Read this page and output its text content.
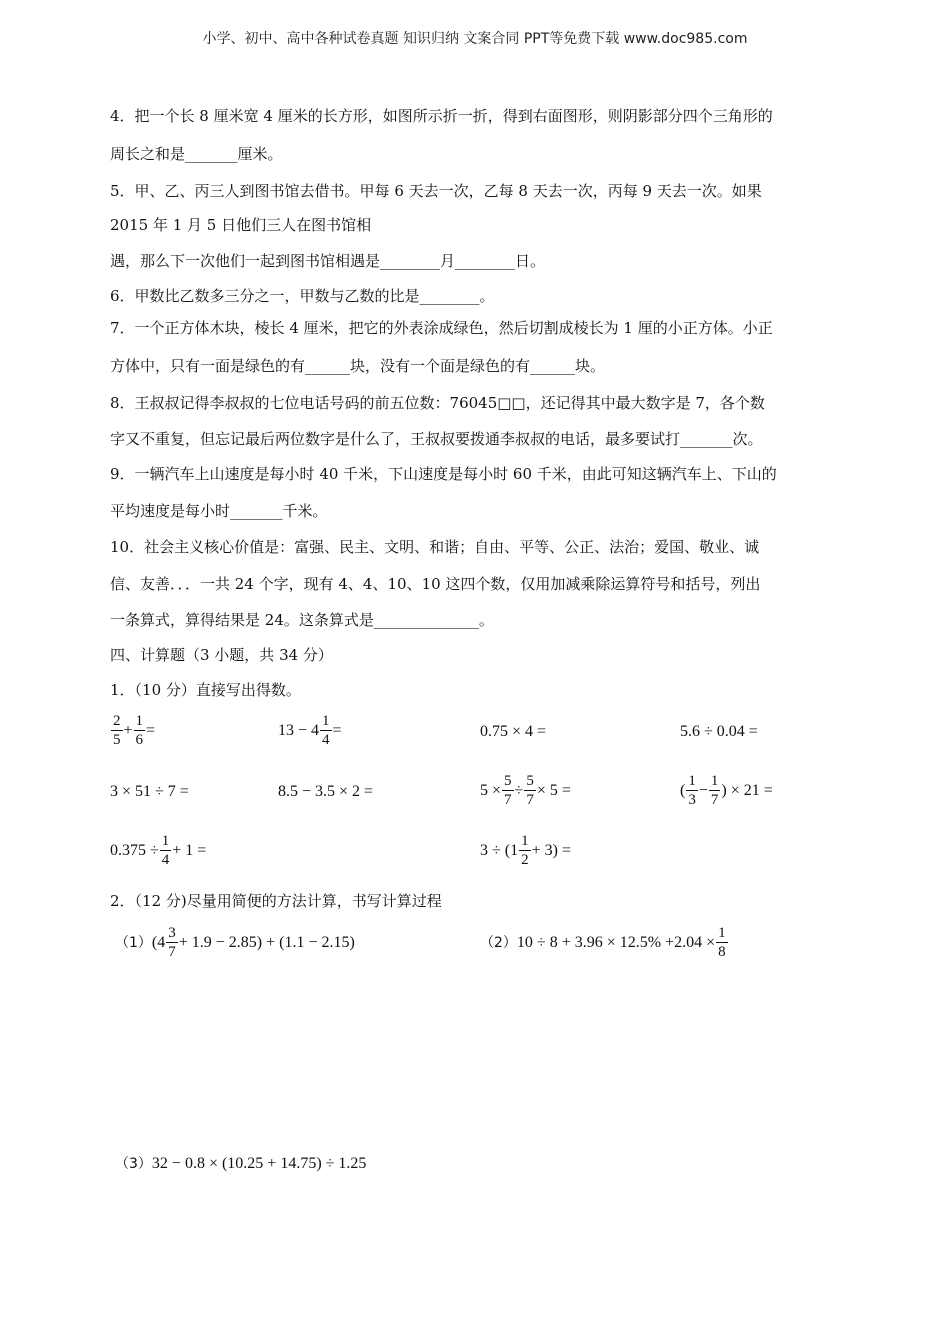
小学、初中、高中各种试卷真题 知识归纳 文案合同 PPT等免费下载 www.doc985.com
4．把一个长 8 厘米宽 4 厘米的长方形，如图所示折一折，得到右面图形，则阴影部分四个三角形的
周长之和是_______厘米。
5．甲、乙、丙三人到图书馆去借书。甲每 6 天去一次，乙每 8 天去一次，丙每 9 天去一次。如果
2015 年 1 月 5 日他们三人在图书馆相
遇，那么下一次他们一起到图书馆相遇是________月________日。
6．甲数比乙数多三分之一，甲数与乙数的比是________。
7．一个正方体木块，棱长 4 厘米，把它的外表涂成绿色，然后切割成棱长为 1 厘的小正方体。小正
方体中，只有一面是绿色的有______块，没有一个面是绿色的有______块。
8．王叔叔记得李叔叔的七位电话号码的前五位数：76045□□，还记得其中最大数字是 7，各个数
字又不重复，但忘记最后两位数字是什么了，王叔叔要拨通李叔叔的电话，最多要试打_______次。
9．一辆汽车上山速度是每小时 40 千米，下山速度是每小时 60 千米，由此可知这辆汽车上、下山的
平均速度是每小时_______千米。
10．社会主义核心价值是：富强、民主、文明、和谐；自由、平等、公正、法治；爱国、敬业、诚
信、友善．．．一共 24 个字，现有 4、4、10、10 这四个数，仅用加减乘除运算符号和括号，列出
一条算式，算得结果是 24。这条算式是______________。
四、计算题（3 小题，共 34 分）
1．（10 分）直接写出得数。
$\frac{2}{5} + \frac{1}{6}$ =	$13 - 4 \frac{1}{4}$ =	0.75 × 4 =	5.6 ÷ 0.04 =
3 × 51 ÷ 7 =	8.5 − 3.5 × 2 =	$5 \times \frac{5}{7} \div \frac{5}{7} \times 5$ =	( $\frac{1}{3} - \frac{1}{7}$ ) × 21 =
$0.375 \div \frac{1}{4} + 1$ =	$3 \div (1 \frac{1}{2} + 3)$ =
2．（12 分)尽量用简便的方法计算，书写计算过程
（1） $(4 \frac{3}{7} + 1.9 - 2.85) + (1.1 - 2.15)$	（2） $10 \div 8 + 3.96 \times 12.5\% +2.04 \times \frac{1}{8}$
（3） 32 − 0.8 × (10.25 + 14.75) ÷ 1.25
